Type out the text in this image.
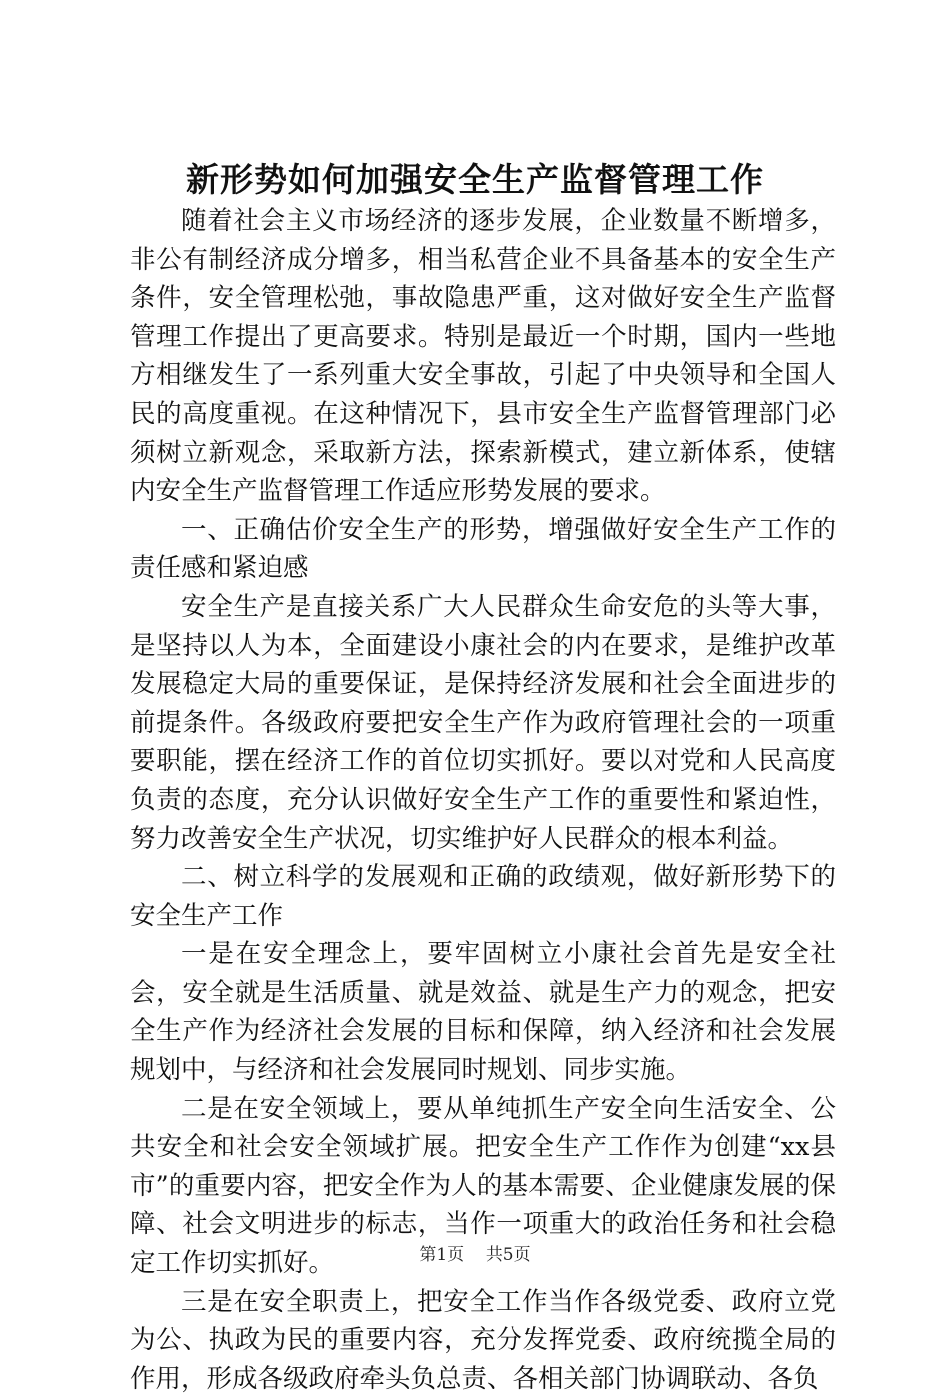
新形势如何加强安全生产监督管理工作

随着社会主义市场经济的逐步发展，企业数量不断增多，非公有制经济成分增多，相当私营企业不具备基本的安全生产条件，安全管理松弛，事故隐患严重，这对做好安全生产监督管理工作提出了更高要求。特别是最近一个时期，国内一些地方相继发生了一系列重大安全事故，引起了中央领导和全国人民的高度重视。在这种情况下，县市安全生产监督管理部门必须树立新观念，采取新方法，探索新模式，建立新体系，使辖内安全生产监督管理工作适应形势发展的要求。

一、正确估价安全生产的形势，增强做好安全生产工作的责任感和紧迫感

安全生产是直接关系广大人民群众生命安危的头等大事，是坚持以人为本，全面建设小康社会的内在要求，是维护改革发展稳定大局的重要保证，是保持经济发展和社会全面进步的前提条件。各级政府要把安全生产作为政府管理社会的一项重要职能，摆在经济工作的首位切实抓好。要以对党和人民高度负责的态度，充分认识做好安全生产工作的重要性和紧迫性，努力改善安全生产状况，切实维护好人民群众的根本利益。

二、树立科学的发展观和正确的政绩观，做好新形势下的安全生产工作

一是在安全理念上，要牢固树立小康社会首先是安全社会，安全就是生活质量、就是效益、就是生产力的观念，把安全生产作为经济社会发展的目标和保障，纳入经济和社会发展规划中，与经济和社会发展同时规划、同步实施。

二是在安全领域上，要从单纯抓生产安全向生活安全、公共安全和社会安全领域扩展。把安全生产工作作为创建“xx县市”的重要内容，把安全作为人的基本需要、企业健康发展的保障、社会文明进步的标志，当作一项重大的政治任务和社会稳定工作切实抓好。

三是在安全职责上，把安全工作当作各级党委、政府立党为公、执政为民的重要内容，充分发挥党委、政府统揽全局的作用，形成各级政府牵头负总责、各相关部门协调联动、各负

第1页 共5页
